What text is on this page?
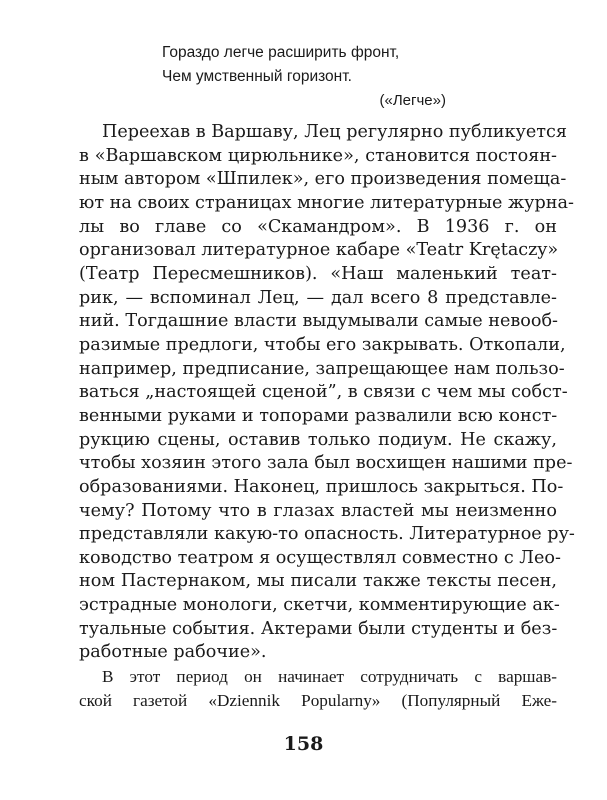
Гораздо легче расширить фронт,
Чем умственный горизонт.
(«Легче»)
Переехав в Варшаву, Лец регулярно публикуется
в «Варшавском цирюльнике», становится постоян-
ным автором «Шпилек», его произведения помеща-
ют на своих страницах многие литературные журна-
лы во главе со «Скамандром». В 1936 г. он
организовал литературное кабаре «Teatr Krętaczy»
(Театр Пересмешников). «Наш маленький теат-
рик, — вспоминал Лец, — дал всего 8 представле-
ний. Тогдашние власти выдумывали самые невооб-
разимые предлоги, чтобы его закрывать. Откопали,
например, предписание, запрещающее нам пользо-
ваться „настоящей сценой”, в связи с чем мы собст-
венными руками и топорами развалили всю конст-
рукцию сцены, оставив только подиум. Не скажу,
чтобы хозяин этого зала был восхищен нашими пре-
образованиями. Наконец, пришлось закрыться. По-
чему? Потому что в глазах властей мы неизменно
представляли какую-то опасность. Литературное ру-
ководство театром я осуществлял совместно с Лео-
ном Пастернаком, мы писали также тексты песен,
эстрадные монологи, скетчи, комментирующие ак-
туальные события. Актерами были студенты и без-
работные рабочие».
В этот период он начинает сотрудничать с варшав-
ской газетой «Dziennik Popularny» (Популярный Еже-
158
